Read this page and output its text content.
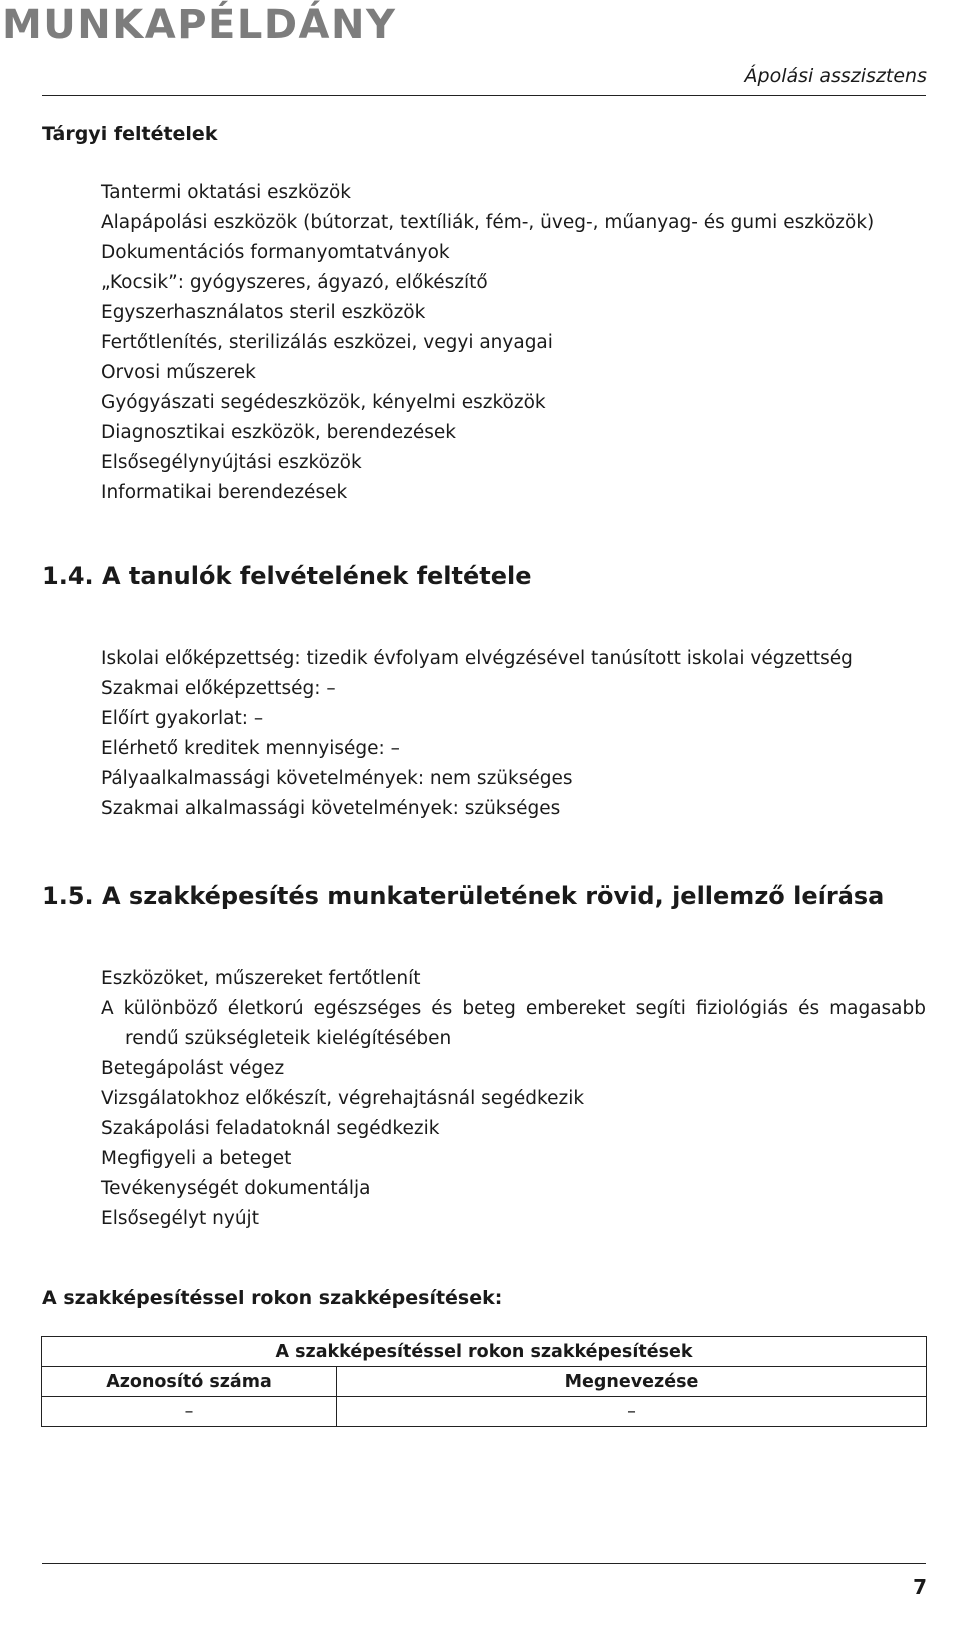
MUNKAPÉLDÁNY
Ápolási asszisztens
Tárgyi feltételek
Tantermi oktatási eszközök
Alapápolási eszközök (bútorzat, textíliák, fém-, üveg-, műanyag- és gumi eszközök)
Dokumentációs formanyomtatványok
„Kocsik”: gyógyszeres, ágyazó, előkészítő
Egyszerhasználatos steril eszközök
Fertőtlenítés, sterilizálás eszközei, vegyi anyagai
Orvosi műszerek
Gyógyászati segédeszközök, kényelmi eszközök
Diagnosztikai eszközök, berendezések
Elsősegélynyújtási eszközök
Informatikai berendezések
1.4. A tanulók felvételének feltétele
Iskolai előképzettség: tizedik évfolyam elvégzésével tanúsított iskolai végzettség
Szakmai előképzettség: –
Előírt gyakorlat: –
Elérhető kreditek mennyisége: –
Pályaalkalmassági követelmények: nem szükséges
Szakmai alkalmassági követelmények: szükséges
1.5. A szakképesítés munkaterületének rövid, jellemző leírása
Eszközöket, műszereket fertőtlenít
A különböző életkorú egészséges és beteg embereket segíti fiziológiás és magasabb rendű szükségleteik kielégítésében
Betegápolást végez
Vizsgálatokhoz előkészít, végrehajtásnál segédkezik
Szakápolási feladatoknál segédkezik
Megfigyeli a beteget
Tevékenységét dokumentálja
Elsősegélyt nyújt
A szakképesítéssel rokon szakképesítések:
A szakképesítéssel rokon szakképesítések	
Azonosító száma	Megnevezése
–	–
7
